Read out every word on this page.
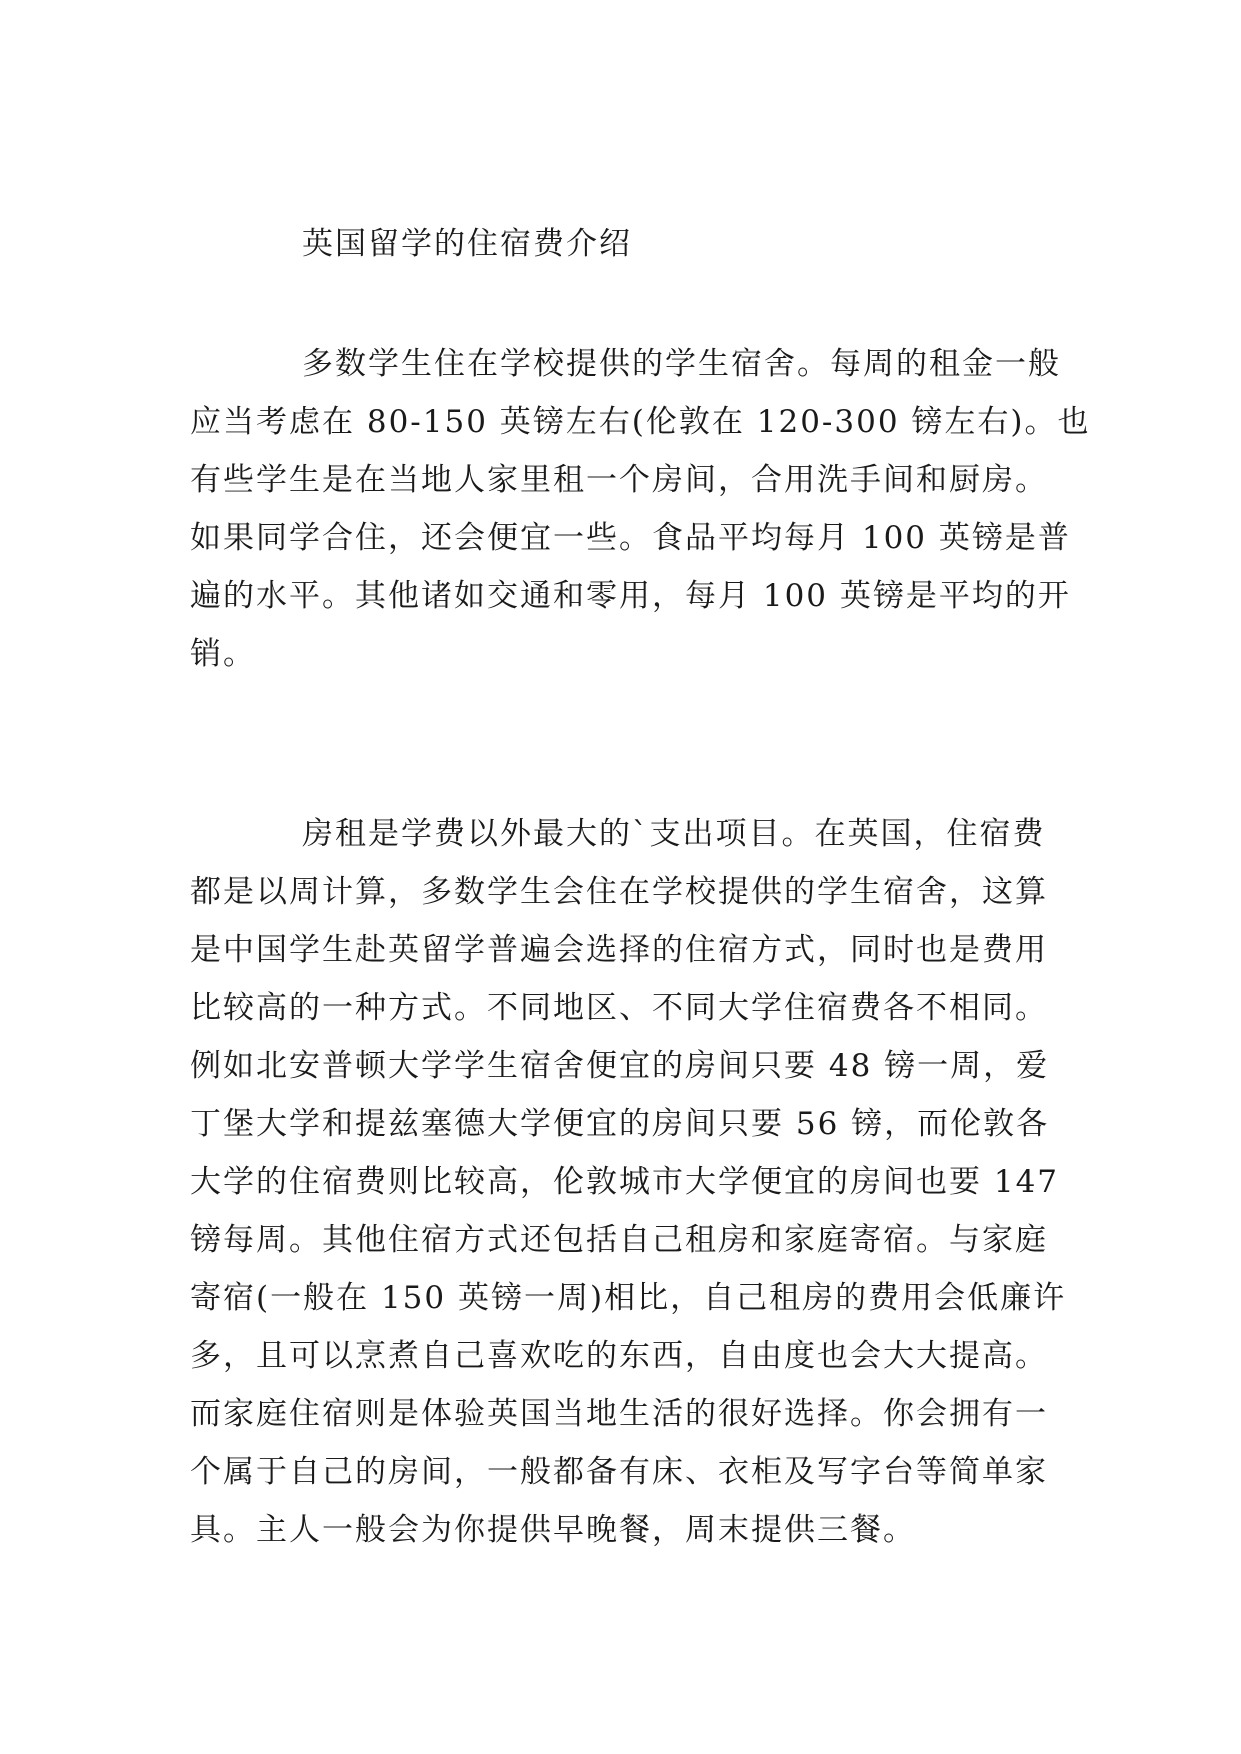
英国留学的住宿费介绍
多数学生住在学校提供的学生宿舍。每周的租金一般
应当考虑在 80-150 英镑左右(伦敦在 120-300 镑左右)。也
有些学生是在当地人家里租一个房间，合用洗手间和厨房。
如果同学合住，还会便宜一些。食品平均每月 100 英镑是普
遍的水平。其他诸如交通和零用，每月 100 英镑是平均的开
销。
房租是学费以外最大的`支出项目。在英国，住宿费
都是以周计算，多数学生会住在学校提供的学生宿舍，这算
是中国学生赴英留学普遍会选择的住宿方式，同时也是费用
比较高的一种方式。不同地区、不同大学住宿费各不相同。
例如北安普顿大学学生宿舍便宜的房间只要 48 镑一周，爱
丁堡大学和提兹塞德大学便宜的房间只要 56 镑，而伦敦各
大学的住宿费则比较高，伦敦城市大学便宜的房间也要 147
镑每周。其他住宿方式还包括自己租房和家庭寄宿。与家庭
寄宿(一般在 150 英镑一周)相比，自己租房的费用会低廉许
多，且可以烹煮自己喜欢吃的东西，自由度也会大大提高。
而家庭住宿则是体验英国当地生活的很好选择。你会拥有一
个属于自己的房间，一般都备有床、衣柜及写字台等简单家
具。主人一般会为你提供早晚餐，周末提供三餐。
